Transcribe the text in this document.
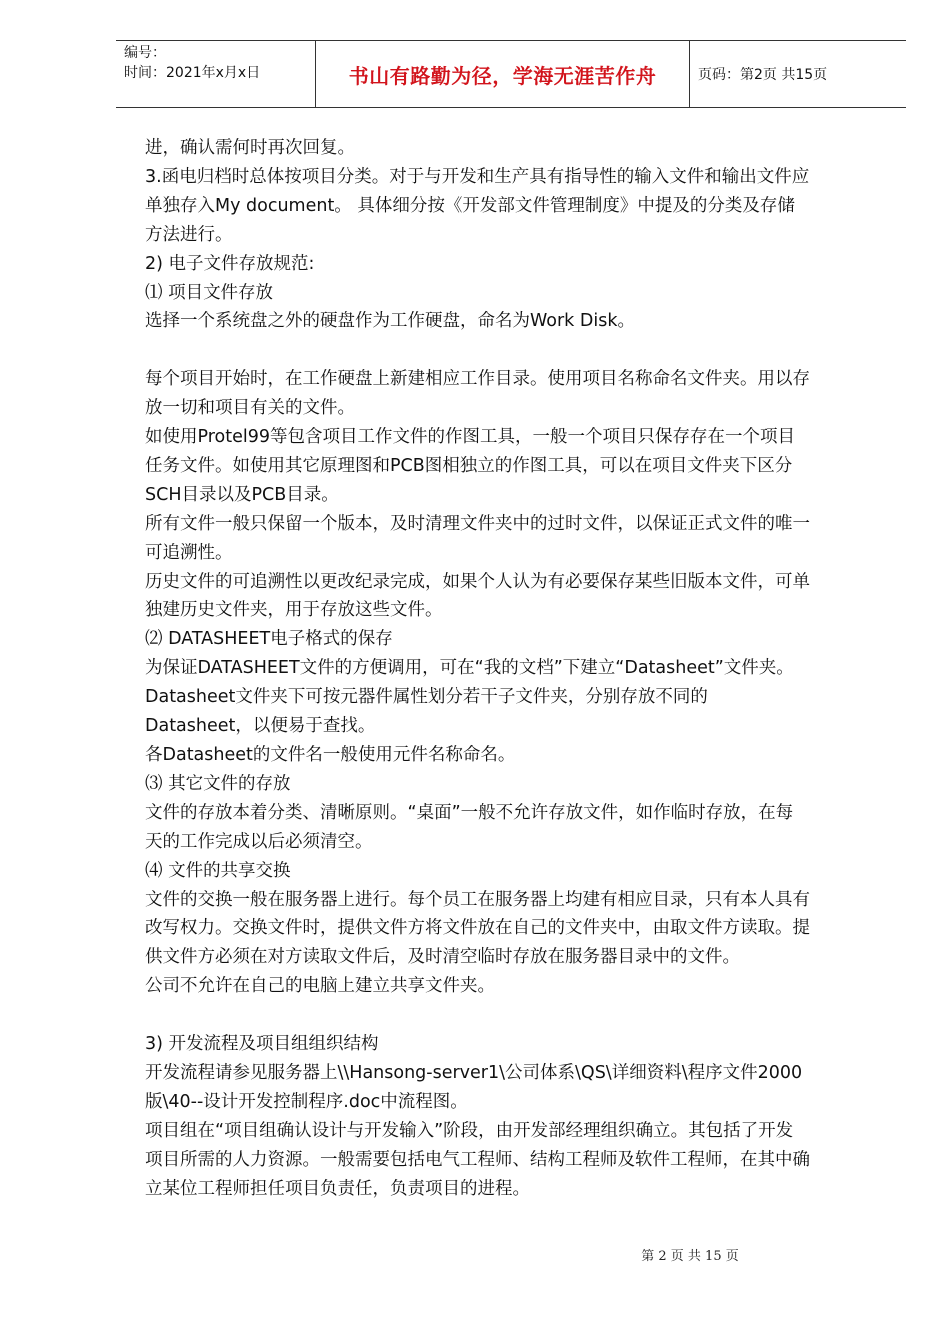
编号：
时间：2021年x月x日	书山有路勤为径，学海无涯苦作舟	页码：第2页 共15页

进，确认需何时再次回复。

3.函电归档时总体按项目分类。对于与开发和生产具有指导性的输入文件和输出文件应

单独存入My document。 具体细分按《开发部文件管理制度》中提及的分类及存储

方法进行。

2) 电子文件存放规范:

⑴ 项目文件存放

选择一个系统盘之外的硬盘作为工作硬盘，命名为Work Disk。

每个项目开始时，在工作硬盘上新建相应工作目录。使用项目名称命名文件夹。用以存

放一切和项目有关的文件。

如使用Protel99等包含项目工作文件的作图工具，一般一个项目只保存存在一个项目

任务文件。如使用其它原理图和PCB图相独立的作图工具，可以在项目文件夹下区分

SCH目录以及PCB目录。

所有文件一般只保留一个版本，及时清理文件夹中的过时文件，以保证正式文件的唯一

可追溯性。

历史文件的可追溯性以更改纪录完成，如果个人认为有必要保存某些旧版本文件，可单

独建历史文件夹，用于存放这些文件。

⑵ DATASHEET电子格式的保存

为保证DATASHEET文件的方便调用，可在“我的文档”下建立“Datasheet”文件夹。

Datasheet文件夹下可按元器件属性划分若干子文件夹，分别存放不同的

Datasheet，以便易于查找。

各Datasheet的文件名一般使用元件名称命名。

⑶ 其它文件的存放

文件的存放本着分类、清晰原则。“桌面”一般不允许存放文件，如作临时存放，在每

天的工作完成以后必须清空。

⑷ 文件的共享交换

文件的交换一般在服务器上进行。每个员工在服务器上均建有相应目录，只有本人具有

改写权力。交换文件时，提供文件方将文件放在自己的文件夹中，由取文件方读取。提

供文件方必须在对方读取文件后，及时清空临时存放在服务器目录中的文件。

公司不允许在自己的电脑上建立共享文件夹。

3) 开发流程及项目组组织结构

开发流程请参见服务器上\\Hansong-server1\公司体系\QS\详细资料\程序文件2000

版\40--设计开发控制程序.doc中流程图。

项目组在“项目组确认设计与开发输入”阶段，由开发部经理组织确立。其包括了开发

项目所需的人力资源。一般需要包括电气工程师、结构工程师及软件工程师，在其中确

立某位工程师担任项目负责任，负责项目的进程。

第 2 页 共 15 页
